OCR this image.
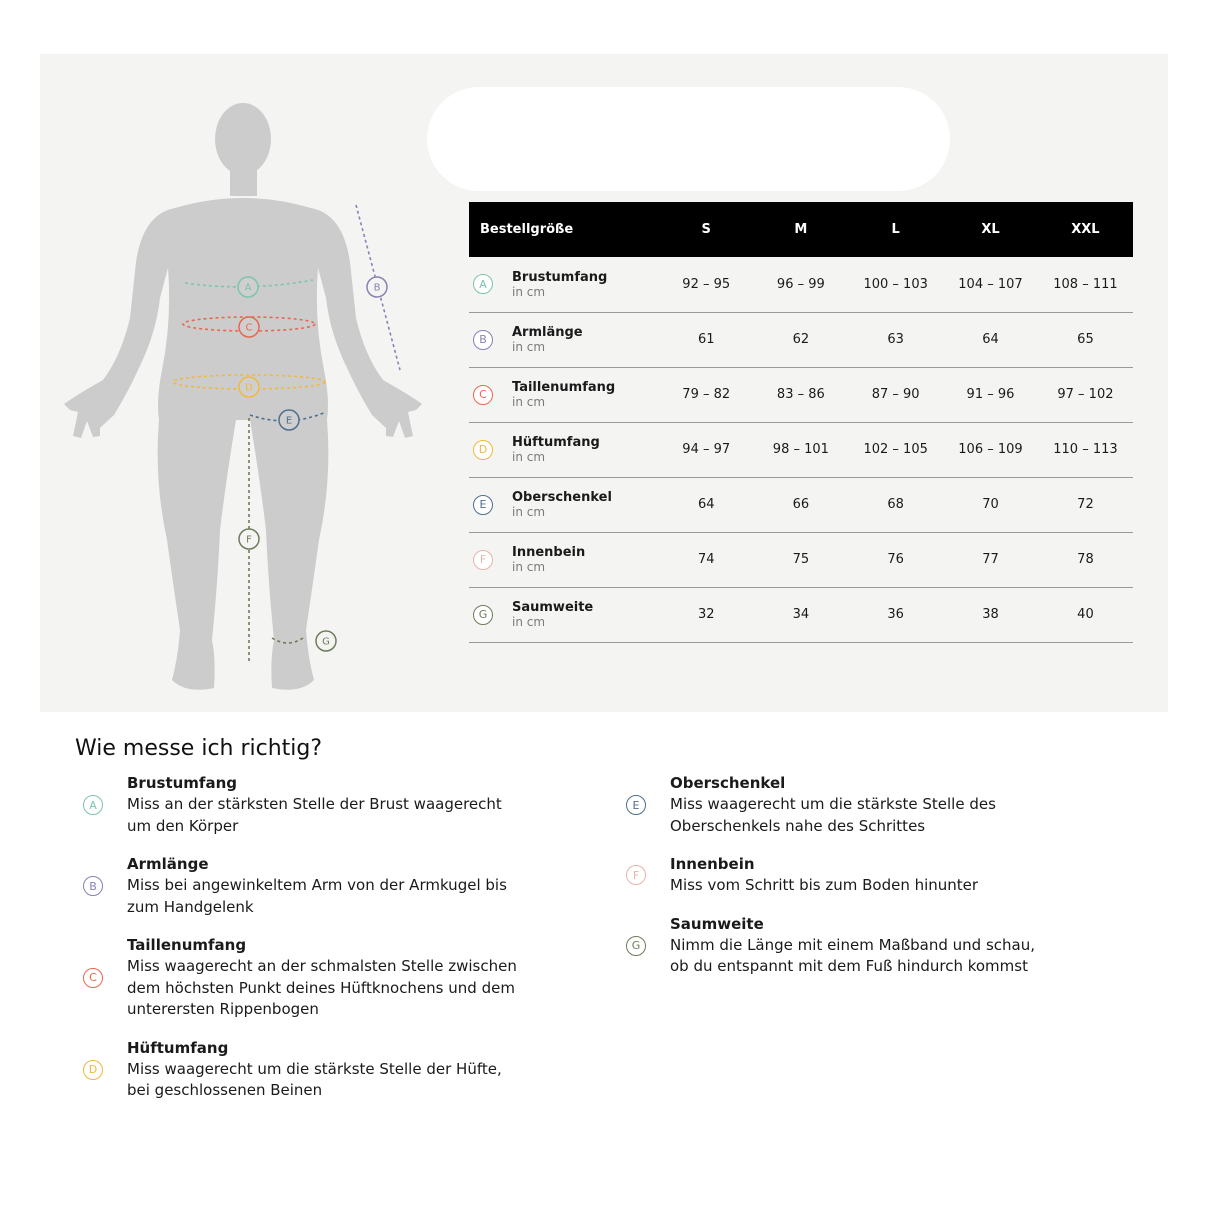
A	B
C
D
E
F
G
Bestellgröße	S	M	L	XL	XXL

A Brustumfang
in cm	92 – 95	96 – 99	100 – 103	104 – 107	108 – 111

B Armlänge
in cm	61	62	63	64	65

C Taillenumfang
in cm	79 – 82	83 – 86	87 – 90	91 – 96	97 – 102

D Hüftumfang
in cm	94 – 97	98 – 101	102 – 105	106 – 109	110 – 113

E Oberschenkel
in cm	64	66	68	70	72

F Innenbein
in cm	74	75	76	77	78

G Saumweite
in cm	32	34	36	38	40
Wie messe ich richtig?
A
Brustumfang
Miss an der stärksten Stelle der Brust waagerecht
um den Körper
B
Armlänge
Miss bei angewinkeltem Arm von der Armkugel bis
zum Handgelenk
C
Taillenumfang
Miss waagerecht an der schmalsten Stelle zwischen
dem höchsten Punkt deines Hüftknochens und dem
unterersten Rippenbogen
D
Hüftumfang
Miss waagerecht um die stärkste Stelle der Hüfte,
bei geschlossenen Beinen
E
Oberschenkel
Miss waagerecht um die stärkste Stelle des
Oberschenkels nahe des Schrittes
F
Innenbein
Miss vom Schritt bis zum Boden hinunter
G
Saumweite
Nimm die Länge mit einem Maßband und schau,
ob du entspannt mit dem Fuß hindurch kommst
